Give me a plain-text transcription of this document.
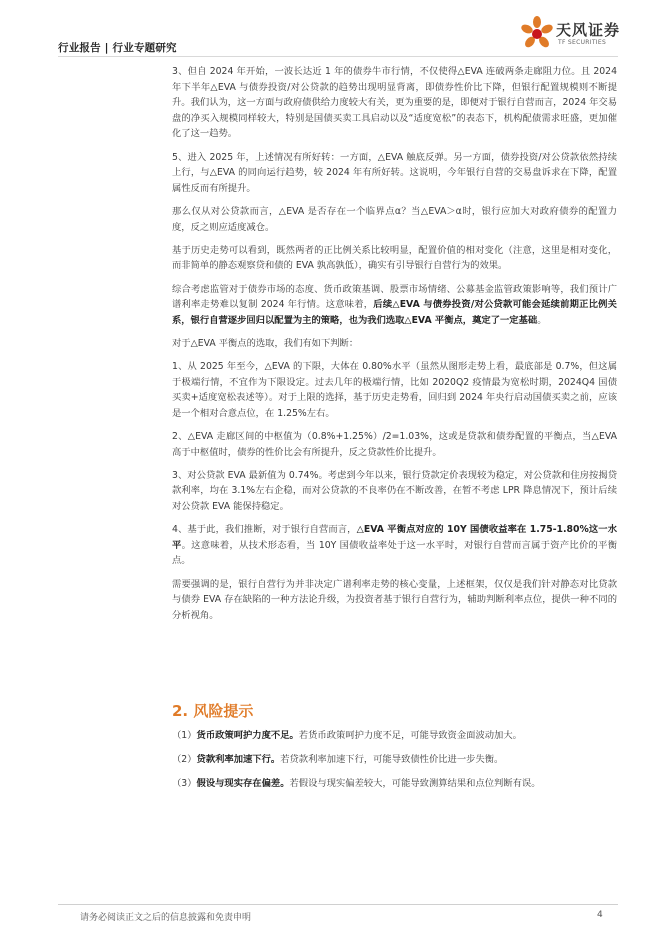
行业报告 | 行业专题研究
天风证券
TF SECURITIES

3、但自 2024 年开始，一波长达近 1 年的债券牛市行情，不仅使得△EVA 连破两条走廊阻力位。且 2024 年下半年△EVA 与债券投资/对公贷款的趋势出现明显背离，即债券性价比下降，但银行配置规模则不断提升。我们认为，这一方面与政府债供给力度较大有关，更为重要的是，即便对于银行自营而言，2024 年交易盘的净买入规模同样较大，特别是国债买卖工具启动以及“适度宽松”的表态下，机构配债需求旺盛，更加催化了这一趋势。

5、进入 2025 年，上述情况有所好转：一方面，△EVA 触底反弹。另一方面，债券投资/对公贷款依然持续上行，与△EVA 的同向运行趋势，较 2024 年有所好转。这说明，今年银行自营的交易盘诉求在下降，配置属性反而有所提升。

那么仅从对公贷款而言，△EVA 是否存在一个临界点α？当△EVA＞α时，银行应加大对政府债券的配置力度，反之则应适度减仓。

基于历史走势可以看到，既然两者的正比例关系比较明显，配置价值的相对变化（注意，这里是相对变化，而非简单的静态观察贷和债的 EVA 孰高孰低），确实有引导银行自营行为的效果。

综合考虑监管对于债券市场的态度、货币政策基调、股票市场情绪、公募基金监管政策影响等，我们预计广谱利率走势难以复制 2024 年行情。这意味着，后续△EVA 与债券投资/对公贷款可能会延续前期正比例关系，银行自营逐步回归以配置为主的策略，也为我们选取△EVA 平衡点，奠定了一定基础。

对于△EVA 平衡点的选取，我们有如下判断：

1、从 2025 年至今，△EVA 的下限，大体在 0.80%水平（虽然从图形走势上看，最底部是 0.7%，但这属于极端行情，不宜作为下限设定。过去几年的极端行情，比如 2020Q2 疫情最为宽松时期，2024Q4 国债买卖+适度宽松表述等）。对于上限的选择，基于历史走势看，回归到 2024 年央行启动国债买卖之前，应该是一个相对合意点位，在 1.25%左右。

2、△EVA 走廊区间的中枢值为（0.8%+1.25%）/2=1.03%，这或是贷款和债券配置的平衡点，当△EVA 高于中枢值时，债券的性价比会有所提升，反之贷款性价比提升。

3、对公贷款 EVA 最新值为 0.74%。考虑到今年以来，银行贷款定价表现较为稳定，对公贷款和住房按揭贷款利率，均在 3.1%左右企稳，而对公贷款的不良率仍在不断改善，在暂不考虑 LPR 降息情况下，预计后续对公贷款 EVA 能保持稳定。

4、基于此，我们推断，对于银行自营而言，△EVA 平衡点对应的 10Y 国债收益率在 1.75-1.80%这一水平。这意味着，从技术形态看，当 10Y 国债收益率处于这一水平时，对银行自营而言属于资产比价的平衡点。

需要强调的是，银行自营行为并非决定广谱利率走势的核心变量，上述框架，仅仅是我们针对静态对比贷款与债券 EVA 存在缺陷的一种方法论升级，为投资者基于银行自营行为，辅助判断利率点位，提供一种不同的分析视角。

2. 风险提示

（1）货币政策呵护力度不足。若货币政策呵护力度不足，可能导致资金面波动加大。

（2）贷款利率加速下行。若贷款利率加速下行，可能导致债性价比进一步失衡。

（3）假设与现实存在偏差。若假设与现实偏差较大，可能导致测算结果和点位判断有误。

请务必阅读正文之后的信息披露和免责申明	4
